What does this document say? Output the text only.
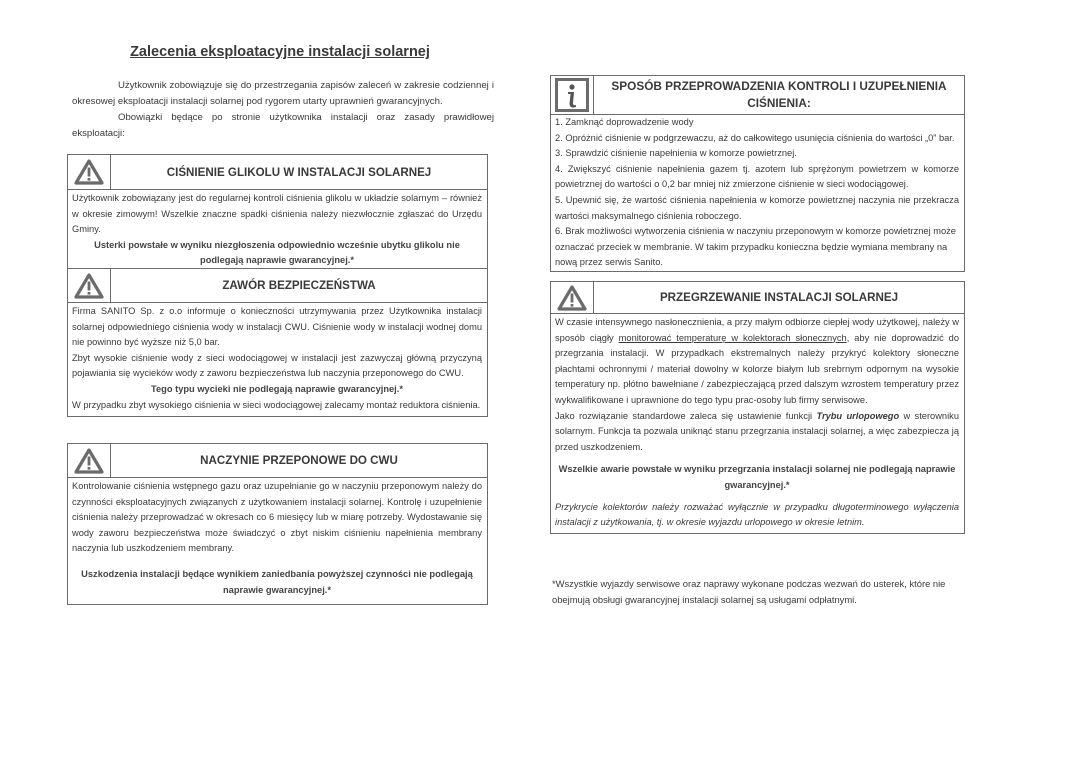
Zalecenia eksploatacyjne instalacji solarnej

Użytkownik zobowiązuje się do przestrzegania zapisów zaleceń w zakresie codziennej i okresowej eksploatacji instalacji solarnej pod rygorem utarty uprawnień gwarancyjnych.

Obowiązki będące po stronie użytkownika instalacji oraz zasady prawidłowej eksploatacji:

CIŚNIENIE GLIKOLU W INSTALACJI SOLARNEJ

Użytkownik zobowiązany jest do regularnej kontroli ciśnienia glikolu w układzie solarnym – również w okresie zimowym! Wszelkie znaczne spadki ciśnienia należy niezwłocznie zgłaszać do Urzędu Gminy.

Usterki powstałe w wyniku niezgłoszenia odpowiednio wcześnie ubytku glikolu nie podlegają naprawie gwarancyjnej.*

ZAWÓR BEZPIECZEŃSTWA

Firma SANITO Sp. z o.o informuje o konieczności utrzymywania przez Użytkownika instalacji solarnej odpowiedniego ciśnienia wody w instalacji CWU. Ciśnienie wody w instalacji wodnej domu nie powinno być wyższe niż 5,0 bar.

Zbyt wysokie ciśnienie wody z sieci wodociągowej w instalacji jest zazwyczaj główną przyczyną pojawiania się wycieków wody z zaworu bezpieczeństwa lub naczynia przeponowego do CWU.

Tego typu wycieki nie podlegają naprawie gwarancyjnej.*

W przypadku zbyt wysokiego ciśnienia w sieci wodociągowej zalecamy montaż reduktora ciśnienia.

NACZYNIE PRZEPONOWE DO CWU

Kontrolowanie ciśnienia wstępnego gazu oraz uzupełnianie go w naczyniu przeponowym należy do czynności eksploatacyjnych związanych z użytkowaniem instalacji solarnej. Kontrolę i uzupełnienie ciśnienia należy przeprowadzać w okresach co 6 miesięcy lub w miarę potrzeby. Wydostawanie się wody zaworu bezpieczeństwa może świadczyć o zbyt niskim ciśnieniu napełnienia membrany naczynia lub uszkodzeniem membrany.

Uszkodzenia instalacji będące wynikiem zaniedbania powyższej czynności nie podlegają naprawie gwarancyjnej.*

SPOSÓB PRZEPROWADZENIA KONTROLI I UZUPEŁNIENIA CIŚNIENIA:

1. Zamknąć doprowadzenie wody

2. Opróżnić ciśnienie w podgrzewaczu, aż do całkowitego usunięcia ciśnienia do wartości „0” bar.

3. Sprawdzić ciśnienie napełnienia w komorze powietrznej.

4. Zwiększyć ciśnienie napełnienia gazem tj. azotem lub sprężonym powietrzem w komorze powietrznej do wartości o 0,2 bar mniej niż zmierzone ciśnienie w sieci wodociągowej.

5. Upewnić się, że wartość ciśnienia napełnienia w komorze powietrznej naczynia nie przekracza wartości maksymalnego ciśnienia roboczego.

6. Brak możliwości wytworzenia ciśnienia w naczyniu przeponowym w komorze powietrznej może oznaczać przeciek w membranie. W takim przypadku konieczna będzie wymiana membrany na nową przez serwis Sanito.

PRZEGRZEWANIE INSTALACJI SOLARNEJ

W czasie intensywnego nasłonecznienia, a przy małym odbiorze ciepłej wody użytkowej, należy w sposób ciągły monitorować temperaturę w kolektorach słonecznych, aby nie doprowadzić do przegrzania instalacji. W przypadkach ekstremalnych należy przykryć kolektory słoneczne płachtami ochronnymi / materiał dowolny w kolorze białym lub srebrnym odpornym na wysokie temperatury np. płótno bawełniane / zabezpieczającą przed dalszym wzrostem temperatury przez wykwalifikowane i uprawnione do tego typu prac-osoby lub firmy serwisowe.

Jako rozwiązanie standardowe zaleca się ustawienie funkcji Trybu urlopowego w sterowniku solarnym. Funkcja ta pozwala uniknąć stanu przegrzania instalacji solarnej, a więc zabezpiecza ją przed uszkodzeniem.

Wszelkie awarie powstałe w wyniku przegrzania instalacji solarnej nie podlegają naprawie gwarancyjnej.*

Przykrycie kolektorów należy rozważać wyłącznie w przypadku długoterminowego wyłączenia instalacji z użytkowania, tj. w okresie wyjazdu urlopowego w okresie letnim.

*Wszystkie wyjazdy serwisowe oraz naprawy wykonane podczas wezwań do usterek, które nie obejmują obsługi gwarancyjnej instalacji solarnej są usługami odpłatnymi.
